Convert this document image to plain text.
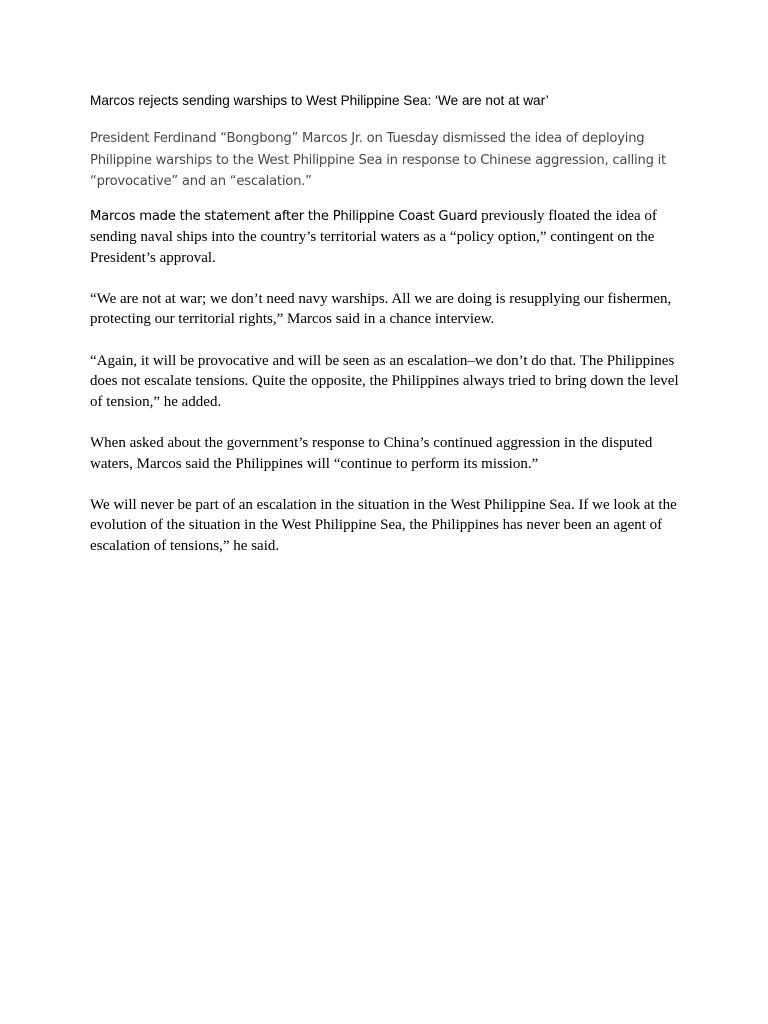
Marcos rejects sending warships to West Philippine Sea: ‘We are not at war’

President Ferdinand “Bongbong” Marcos Jr. on Tuesday dismissed the idea of deploying Philippine warships to the West Philippine Sea in response to Chinese aggression, calling it “provocative” and an “escalation.”

Marcos made the statement after the Philippine Coast Guard previously floated the idea of sending naval ships into the country’s territorial waters as a “policy option,” contingent on the President’s approval.

“We are not at war; we don’t need navy warships. All we are doing is resupplying our fishermen, protecting our territorial rights,” Marcos said in a chance interview.

“Again, it will be provocative and will be seen as an escalation–we don’t do that. The Philippines does not escalate tensions. Quite the opposite, the Philippines always tried to bring down the level of tension,” he added.

When asked about the government’s response to China’s continued aggression in the disputed waters, Marcos said the Philippines will “continue to perform its mission.”

We will never be part of an escalation in the situation in the West Philippine Sea. If we look at the evolution of the situation in the West Philippine Sea, the Philippines has never been an agent of escalation of tensions,” he said.
